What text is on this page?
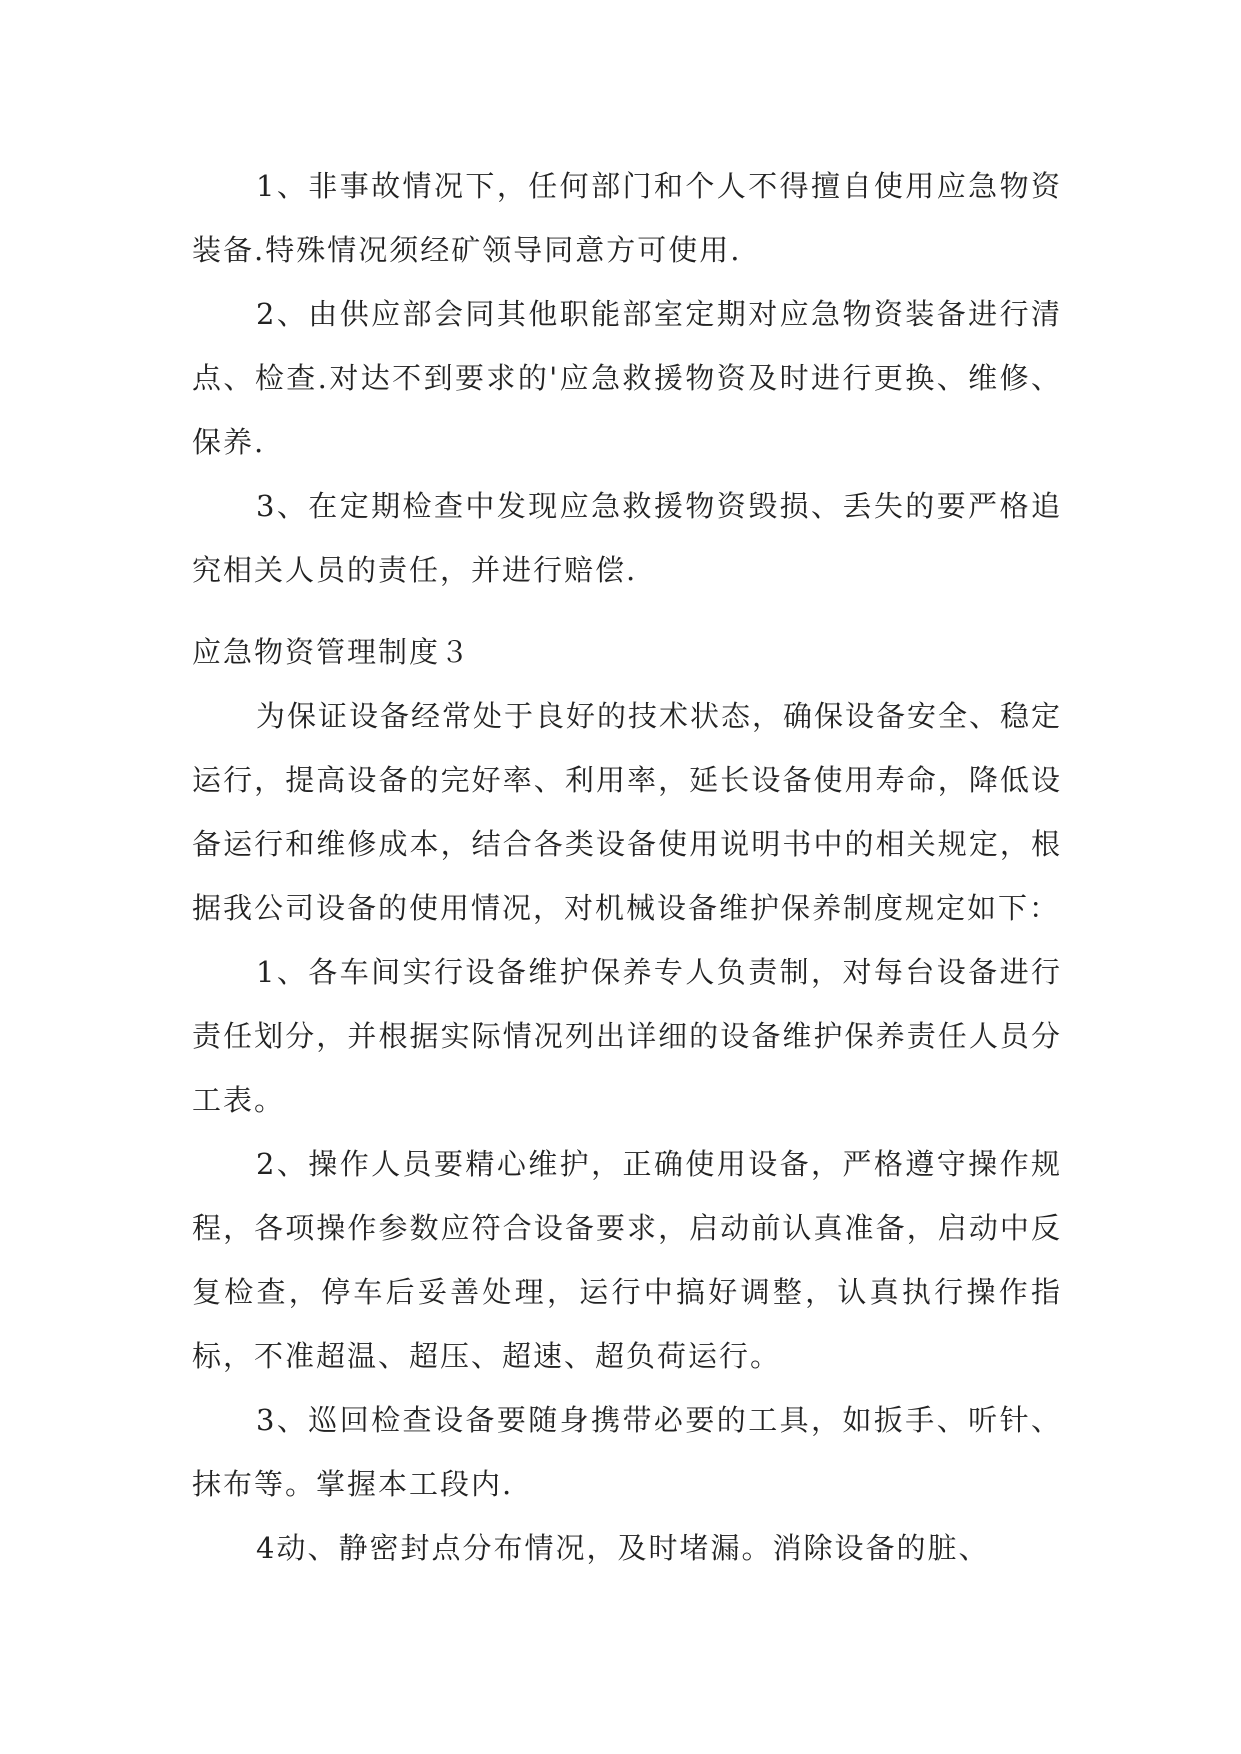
1、非事故情况下，任何部门和个人不得擅自使用应急物资装备.特殊情况须经矿领导同意方可使用.

2、由供应部会同其他职能部室定期对应急物资装备进行清点、检查.对达不到要求的'应急救援物资及时进行更换、维修、保养.

3、在定期检查中发现应急救援物资毁损、丢失的要严格追究相关人员的责任，并进行赔偿.

应急物资管理制度３

为保证设备经常处于良好的技术状态，确保设备安全、稳定运行，提高设备的完好率、利用率，延长设备使用寿命，降低设备运行和维修成本，结合各类设备使用说明书中的相关规定，根据我公司设备的使用情况，对机械设备维护保养制度规定如下：

1、各车间实行设备维护保养专人负责制，对每台设备进行责任划分，并根据实际情况列出详细的设备维护保养责任人员分工表。

2、操作人员要精心维护，正确使用设备，严格遵守操作规程，各项操作参数应符合设备要求，启动前认真准备，启动中反复检查，停车后妥善处理，运行中搞好调整，认真执行操作指标，不准超温、超压、超速、超负荷运行。

3、巡回检查设备要随身携带必要的工具，如扳手、听针、抹布等。掌握本工段内.

4动、静密封点分布情况，及时堵漏。消除设备的脏、
